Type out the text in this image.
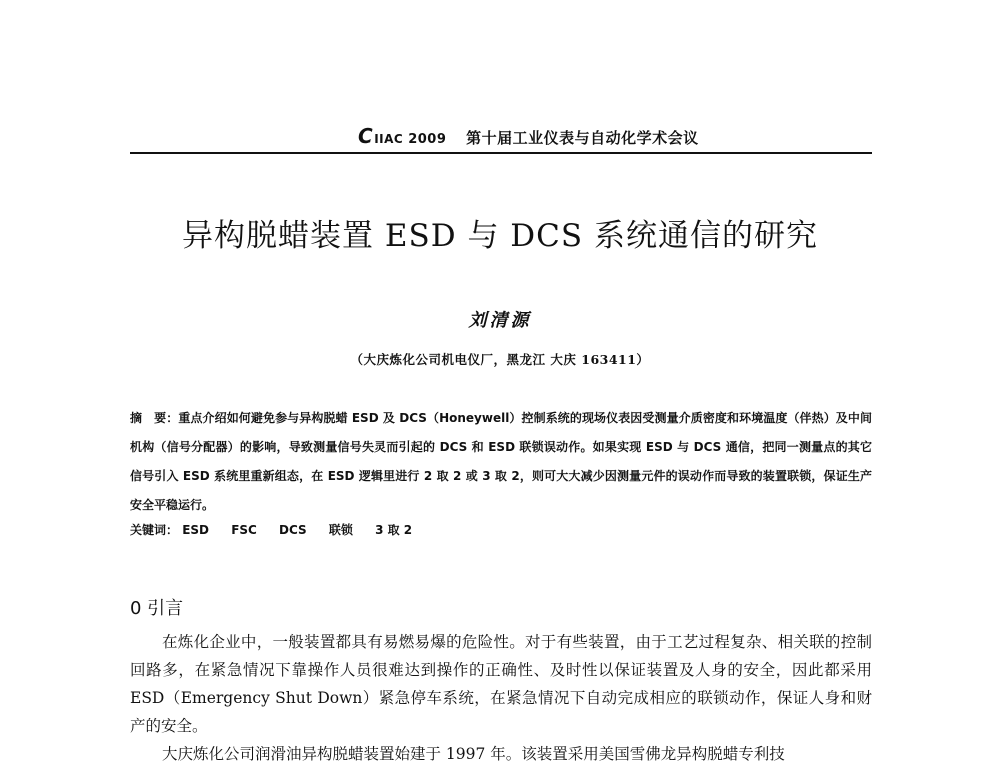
C IIAC 2009 第十届工业仪表与自动化学术会议
异构脱蜡装置 ESD 与 DCS 系统通信的研究
刘清源
（大庆炼化公司机电仪厂，黑龙江 大庆 163411）

摘　要：重点介绍如何避免参与异构脱蜡 ESD 及 DCS（Honeywell）控制系统的现场仪表因受测量介质密度和环境温度（伴热）及中间机构（信号分配器）的影响，导致测量信号失灵而引起的 DCS 和 ESD 联锁误动作。如果实现 ESD 与 DCS 通信，把同一测量点的其它信号引入 ESD 系统里重新组态，在 ESD 逻辑里进行 2 取 2 或 3 取 2，则可大大减少因测量元件的误动作而导致的装置联锁，保证生产安全平稳运行。

关键词： ESD FSC DCS 联锁 3 取 2
0 引言

在炼化企业中，一般装置都具有易燃易爆的危险性。对于有些装置，由于工艺过程复杂、相关联的控制回路多，在紧急情况下靠操作人员很难达到操作的正确性、及时性以保证装置及人身的安全，因此都采用 ESD（Emergency Shut Down）紧急停车系统，在紧急情况下自动完成相应的联锁动作，保证人身和财产的安全。

大庆炼化公司润滑油异构脱蜡装置始建于 1997 年。该装置采用美国雪佛龙异构脱蜡专利技
